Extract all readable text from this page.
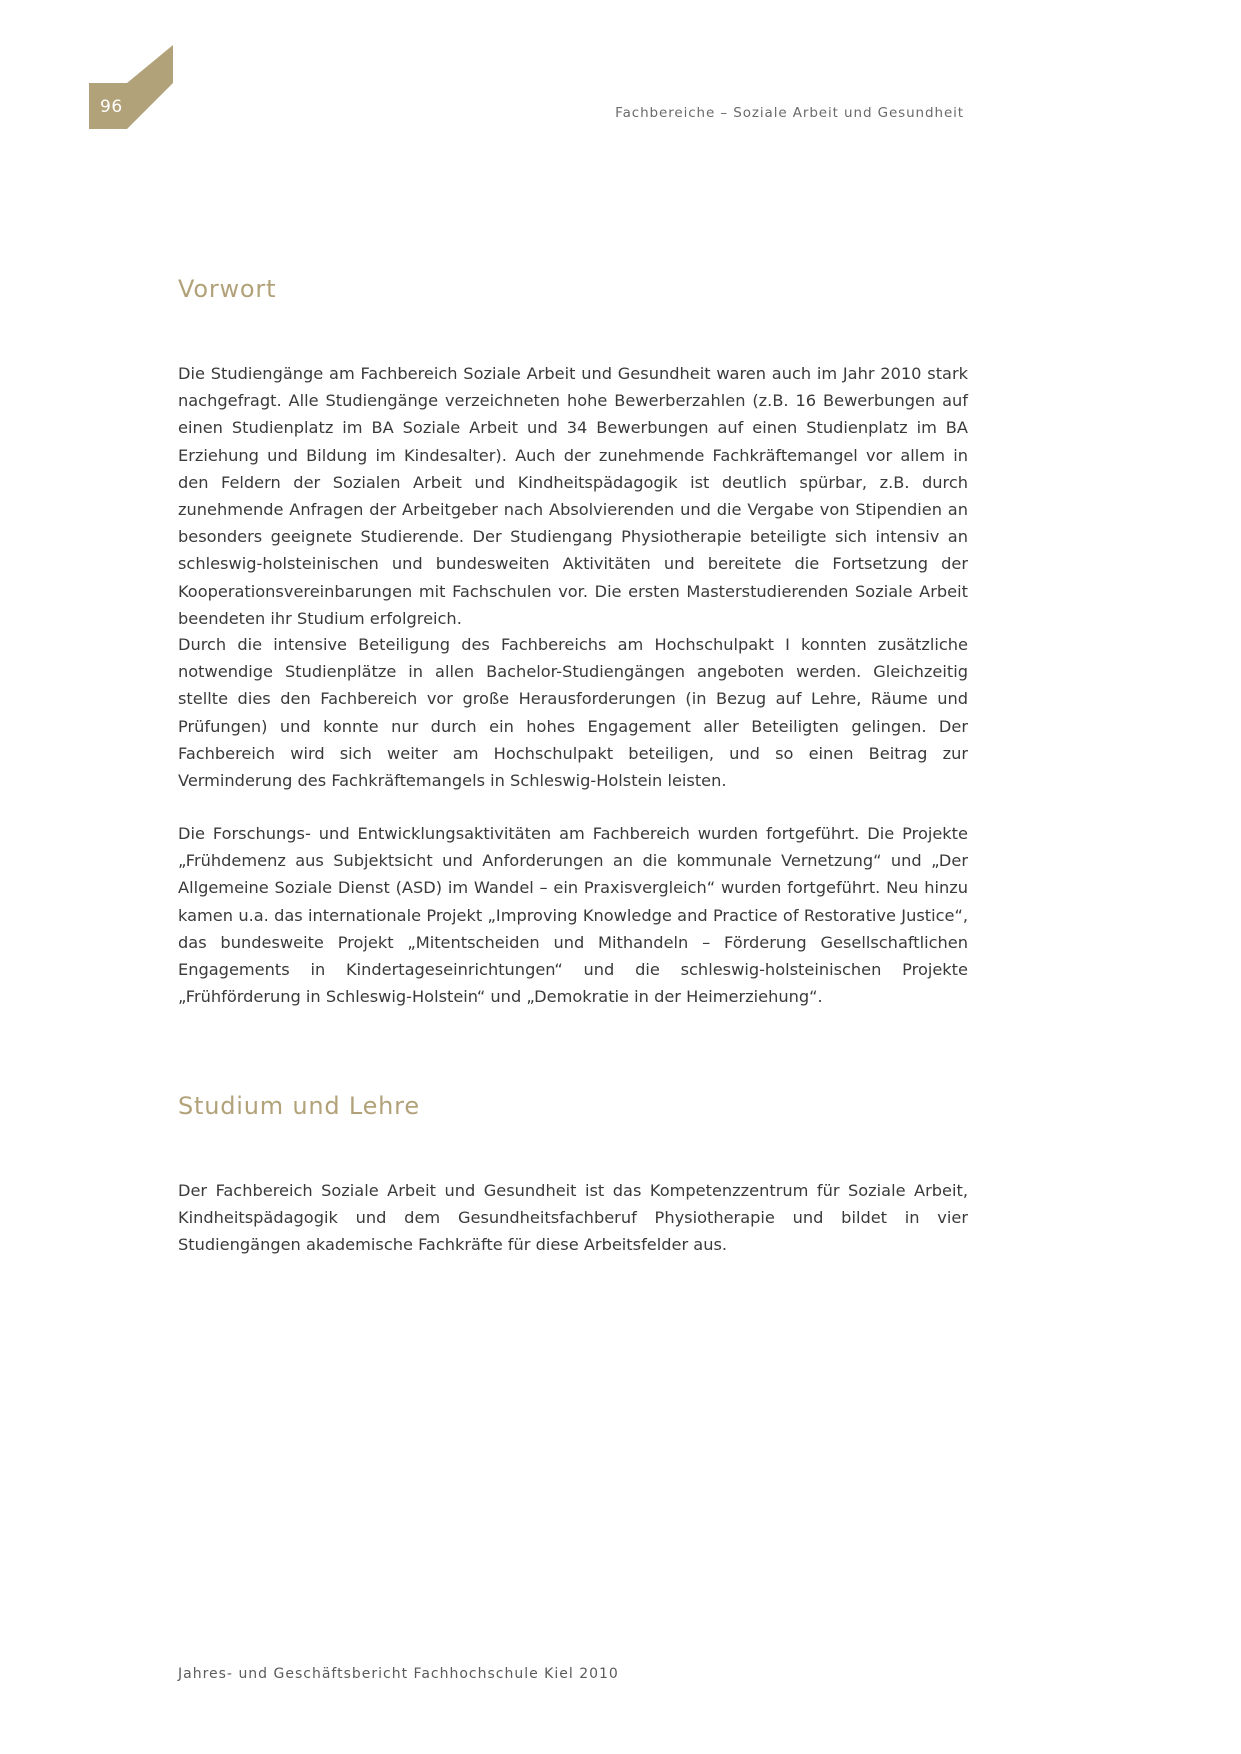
96	Fachbereiche – Soziale Arbeit und Gesundheit
Vorwort

Die Studiengänge am Fachbereich Soziale Arbeit und Gesundheit waren auch im Jahr 2010 stark nachgefragt. Alle Studiengänge verzeichneten hohe Bewerberzahlen (z.B. 16 Bewerbungen auf einen Studienplatz im BA Soziale Arbeit und 34 Bewerbungen auf einen Studienplatz im BA Erziehung und Bildung im Kindesalter). Auch der zunehmende Fachkräftemangel vor allem in den Feldern der Sozialen Arbeit und Kindheitspädagogik ist deutlich spürbar, z.B. durch zunehmende Anfragen der Arbeitgeber nach Absolvierenden und die Vergabe von Stipendien an besonders geeignete Studierende. Der Studiengang Physiotherapie beteiligte sich intensiv an schleswig-holsteinischen und bundesweiten Aktivitäten und bereitete die Fortsetzung der Kooperationsvereinbarungen mit Fachschulen vor. Die ersten Masterstudierenden Soziale Arbeit beendeten ihr Studium erfolgreich.

Durch die intensive Beteiligung des Fachbereichs am Hochschulpakt I konnten zusätzliche notwendige Studienplätze in allen Bachelor-Studiengängen angeboten werden. Gleichzeitig stellte dies den Fachbereich vor große Herausforderungen (in Bezug auf Lehre, Räume und Prüfungen) und konnte nur durch ein hohes Engagement aller Beteiligten gelingen. Der Fachbereich wird sich weiter am Hochschulpakt beteiligen, und so einen Beitrag zur Verminderung des Fachkräftemangels in Schleswig-Holstein leisten.

Die Forschungs- und Entwicklungsaktivitäten am Fachbereich wurden fortgeführt. Die Projekte „Frühdemenz aus Subjektsicht und Anforderungen an die kommunale Vernetzung“ und „Der Allgemeine Soziale Dienst (ASD) im Wandel – ein Praxisvergleich“ wurden fortgeführt. Neu hinzu kamen u.a. das internationale Projekt „Improving Knowledge and Practice of Restorative Justice“, das bundesweite Projekt „Mitentscheiden und Mithandeln – Förderung Gesellschaftlichen Engagements in Kindertageseinrichtungen“ und die schleswig-holsteinischen Projekte „Frühförderung in Schleswig-Holstein“ und „Demokratie in der Heimerziehung“.

Studium und Lehre

Der Fachbereich Soziale Arbeit und Gesundheit ist das Kompetenzzentrum für Soziale Arbeit, Kindheitspädagogik und dem Gesundheitsfachberuf Physiotherapie und bildet in vier Studiengängen akademische Fachkräfte für diese Arbeitsfelder aus.

Jahres- und Geschäftsbericht Fachhochschule Kiel 2010
